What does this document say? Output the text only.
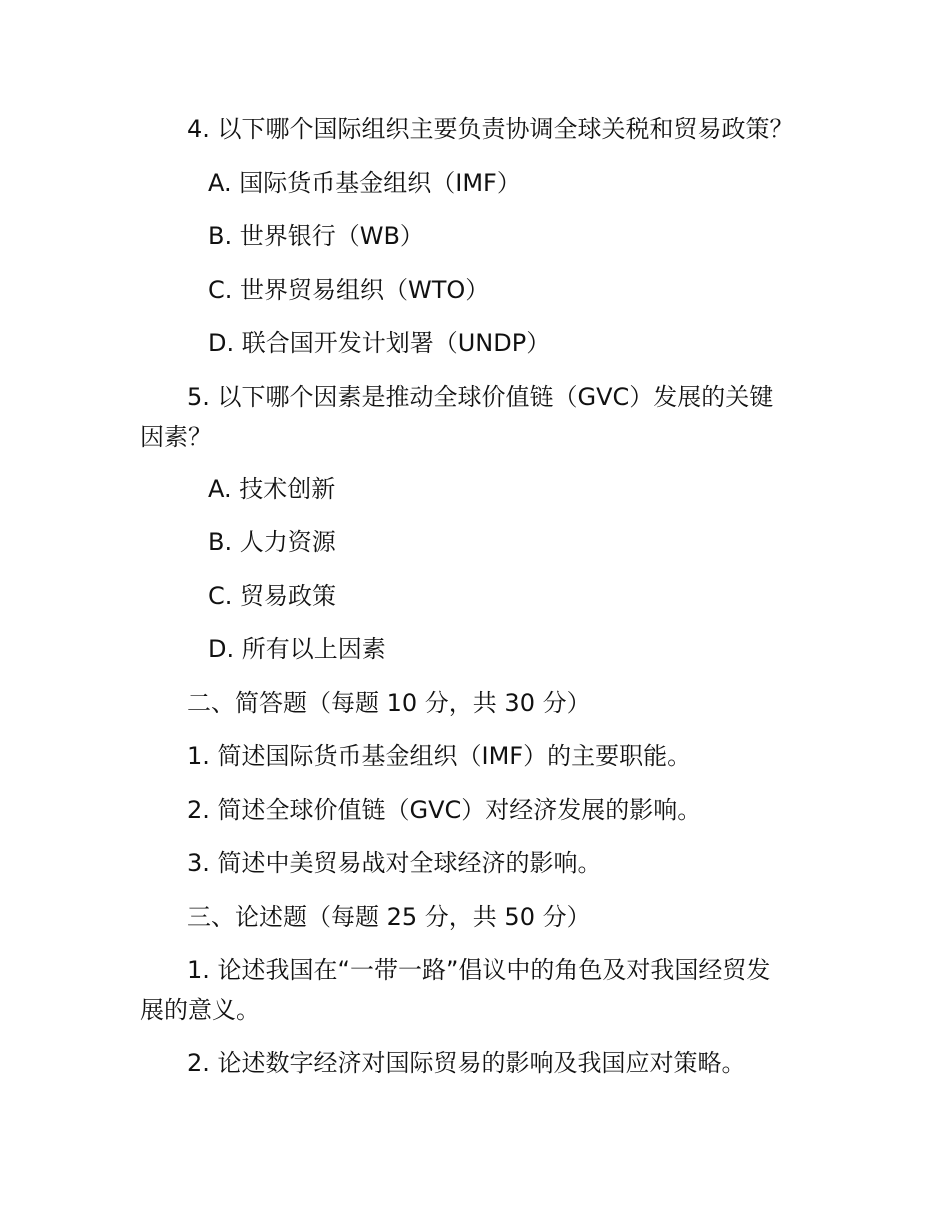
4. 以下哪个国际组织主要负责协调全球关税和贸易政策？
A. 国际货币基金组织（IMF）
B. 世界银行（WB）
C. 世界贸易组织（WTO）
D. 联合国开发计划署（UNDP）
5. 以下哪个因素是推动全球价值链（GVC）发展的关键
因素？
A. 技术创新
B. 人力资源
C. 贸易政策
D. 所有以上因素
二、简答题（每题 10 分，共 30 分）
1. 简述国际货币基金组织（IMF）的主要职能。
2. 简述全球价值链（GVC）对经济发展的影响。
3. 简述中美贸易战对全球经济的影响。
三、论述题（每题 25 分，共 50 分）
1. 论述我国在“一带一路”倡议中的角色及对我国经贸发
展的意义。
2. 论述数字经济对国际贸易的影响及我国应对策略。
